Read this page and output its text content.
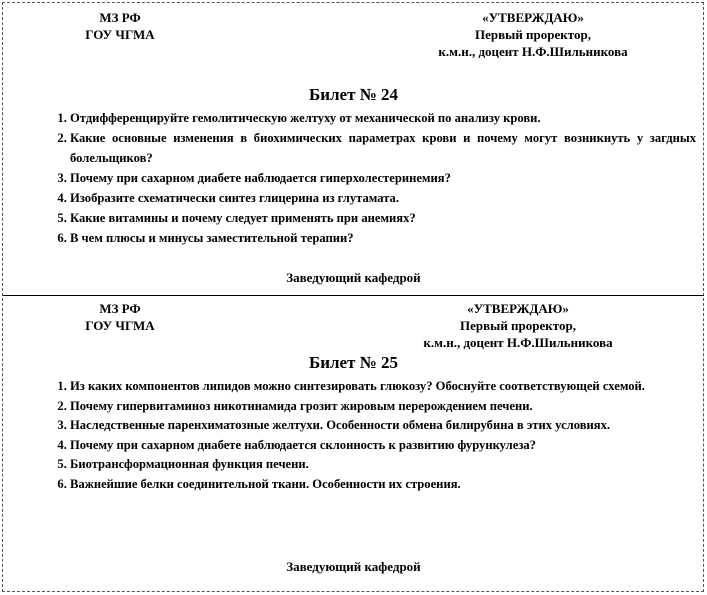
МЗ РФ
ГОУ ЧГМА
«УТВЕРЖДАЮ»
Первый проректор,
к.м.н., доцент Н.Ф.Шильникова
Билет № 24
1. Отдифференцируйте гемолитическую желтуху от механической по анализу крови.
2. Какие основные изменения в биохимических параметрах крови и почему могут возникнуть у загдных болельщиков?
3. Почему при сахарном диабете наблюдается гиперхолестеринемия?
4. Изобразите схематически синтез глицерина из глутамата.
5. Какие витамины и почему следует применять при анемиях?
6. В чем плюсы и минусы заместительной терапии?
Заведующий кафедрой
МЗ РФ
ГОУ ЧГМА
«УТВЕРЖДАЮ»
Первый проректор,
к.м.н., доцент Н.Ф.Шильникова
Билет № 25
1. Из каких компонентов липидов можно синтезировать глюкозу? Обоснуйте соответствующей схемой.
2. Почему гипервитаминоз никотинамида грозит жировым перерождением печени.
3. Наследственные паренхиматозные желтухи. Особенности обмена билирубина в этих условиях.
4. Почему при сахарном диабете наблюдается склонность к развитию фурункулеза?
5. Биотрансформационная функция печени.
6. Важнейшие белки соединительной ткани. Особенности их строения.
Заведующий кафедрой
